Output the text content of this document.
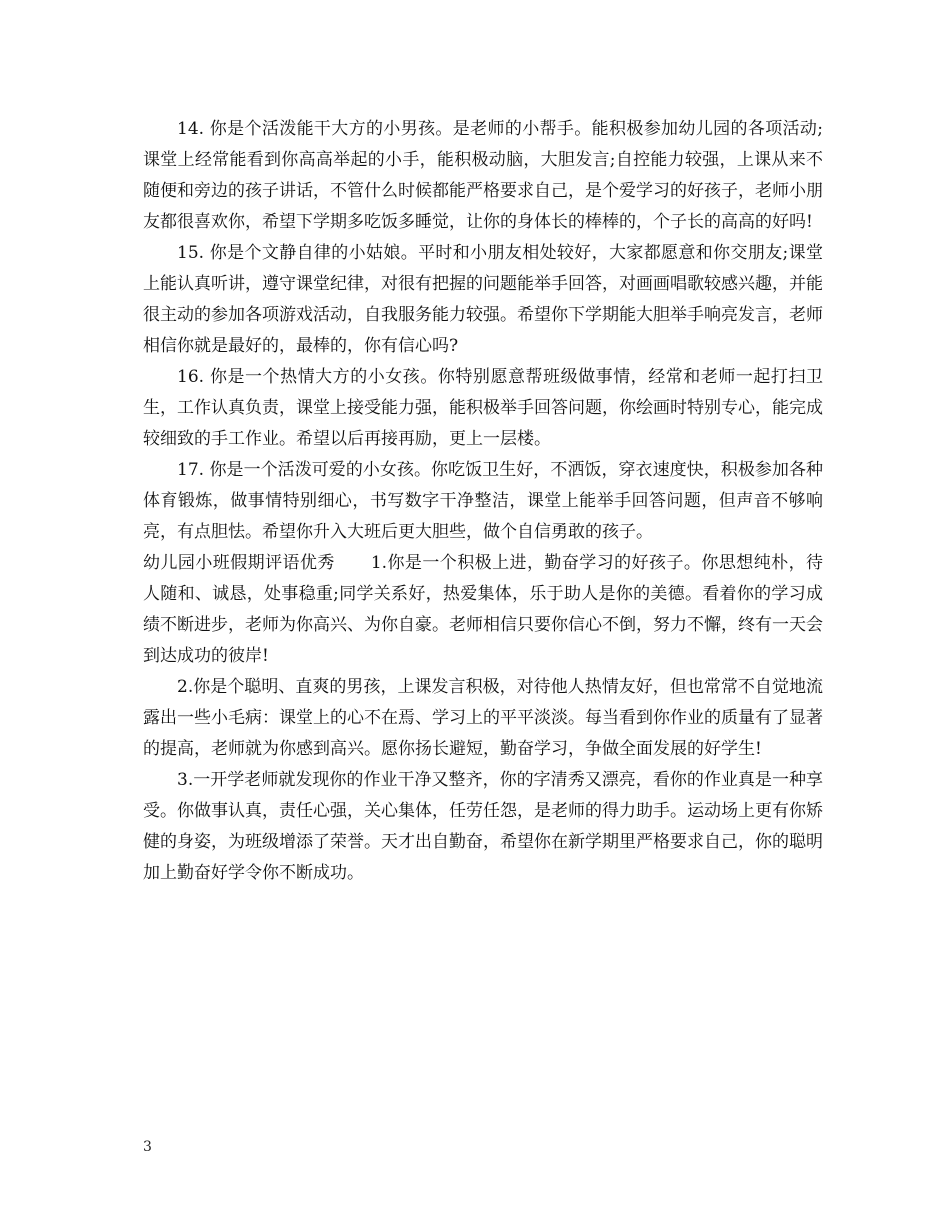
14. 你是个活泼能干大方的小男孩。是老师的小帮手。能积极参加幼儿园的各项活动;课堂上经常能看到你高高举起的小手，能积极动脑，大胆发言;自控能力较强，上课从来不随便和旁边的孩子讲话，不管什么时候都能严格要求自己，是个爱学习的好孩子，老师小朋友都很喜欢你，希望下学期多吃饭多睡觉，让你的身体长的棒棒的，个子长的高高的好吗!

15. 你是个文静自律的小姑娘。平时和小朋友相处较好，大家都愿意和你交朋友;课堂上能认真听讲，遵守课堂纪律，对很有把握的问题能举手回答，对画画唱歌较感兴趣，并能很主动的参加各项游戏活动，自我服务能力较强。希望你下学期能大胆举手响亮发言，老师相信你就是最好的，最棒的，你有信心吗?

16. 你是一个热情大方的小女孩。你特别愿意帮班级做事情，经常和老师一起打扫卫生，工作认真负责，课堂上接受能力强，能积极举手回答问题，你绘画时特别专心，能完成较细致的手工作业。希望以后再接再励，更上一层楼。

17. 你是一个活泼可爱的小女孩。你吃饭卫生好，不洒饭，穿衣速度快，积极参加各种体育锻炼，做事情特别细心，书写数字干净整洁，课堂上能举手回答问题，但声音不够响亮，有点胆怯。希望你升入大班后更大胆些，做个自信勇敢的孩子。

幼儿园小班假期评语优秀 1.你是一个积极上进，勤奋学习的好孩子。你思想纯朴，待人随和、诚恳，处事稳重;同学关系好，热爱集体，乐于助人是你的美德。看着你的学习成绩不断进步，老师为你高兴、为你自豪。老师相信只要你信心不倒，努力不懈，终有一天会到达成功的彼岸!

2.你是个聪明、直爽的男孩，上课发言积极，对待他人热情友好，但也常常不自觉地流露出一些小毛病：课堂上的心不在焉、学习上的平平淡淡。每当看到你作业的质量有了显著的提高，老师就为你感到高兴。愿你扬长避短，勤奋学习，争做全面发展的好学生!

3.一开学老师就发现你的作业干净又整齐，你的字清秀又漂亮，看你的作业真是一种享受。你做事认真，责任心强，关心集体，任劳任怨，是老师的得力助手。运动场上更有你矫健的身姿，为班级增添了荣誉。天才出自勤奋，希望你在新学期里严格要求自己，你的聪明加上勤奋好学令你不断成功。

3
